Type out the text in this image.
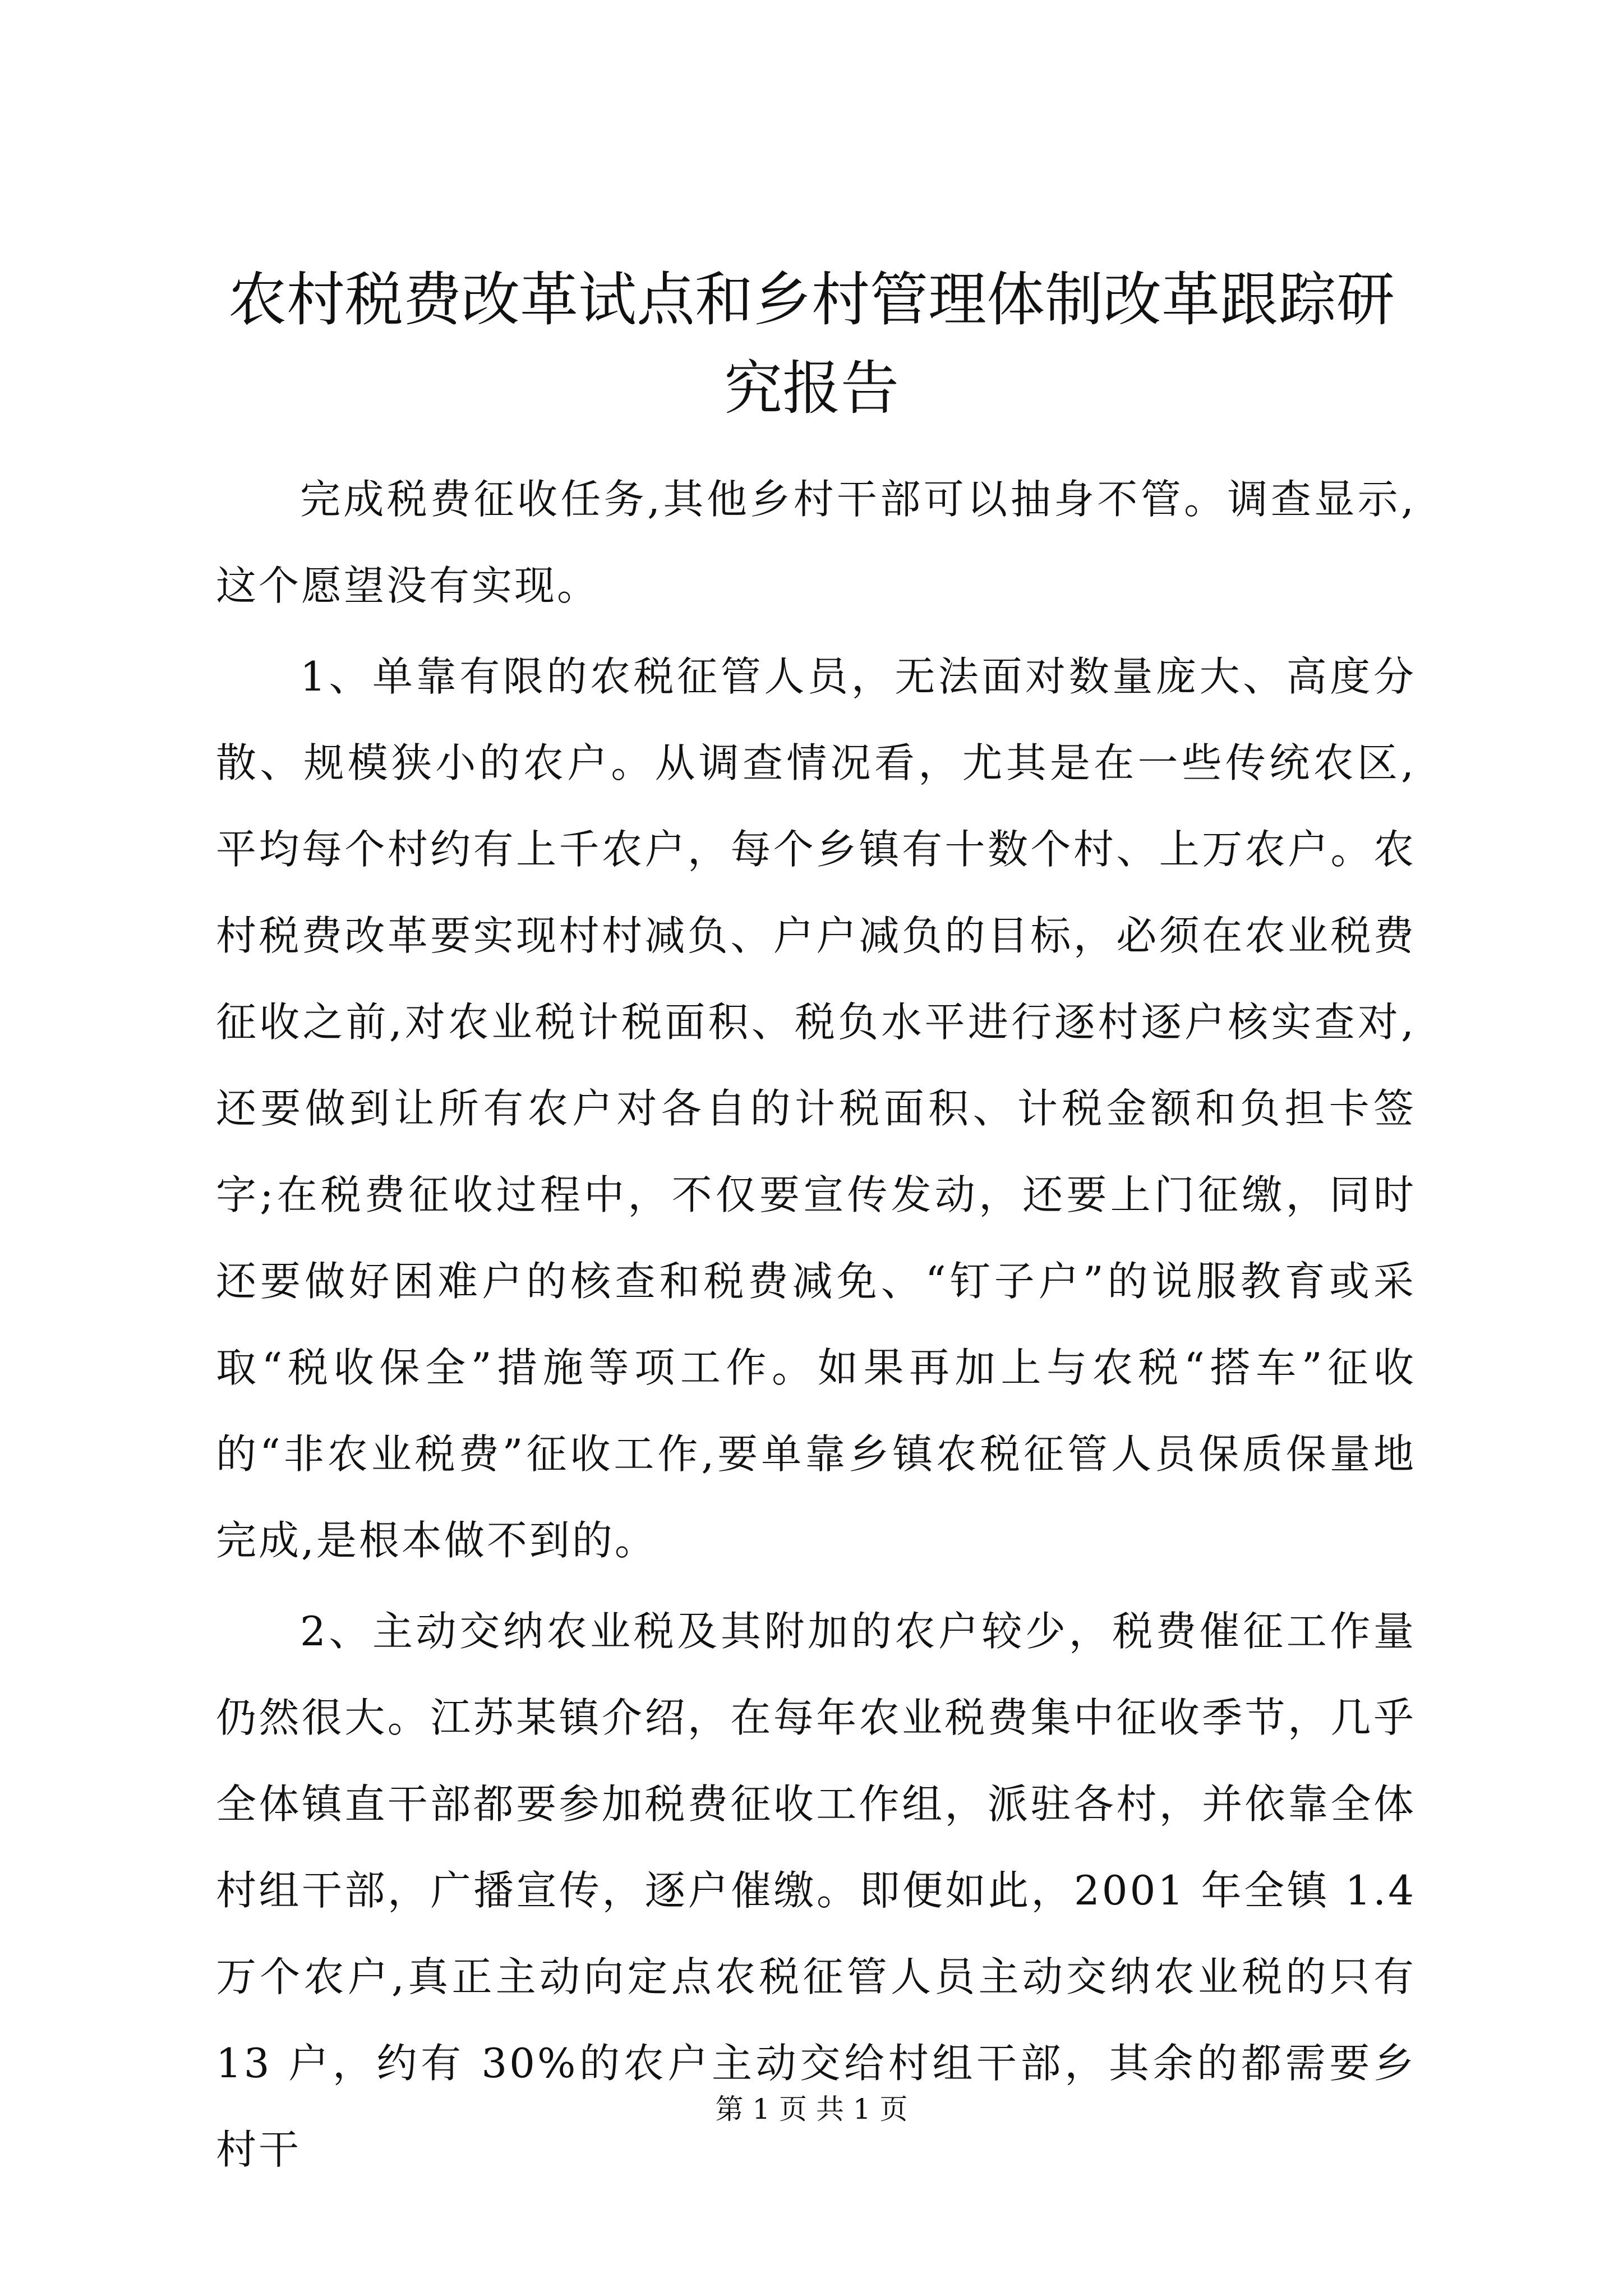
农村税费改革试点和乡村管理体制改革跟踪研究报告

完成税费征收任务,其他乡村干部可以抽身不管。调查显示,这个愿望没有实现。

1、单靠有限的农税征管人员，无法面对数量庞大、高度分散、规模狭小的农户。从调查情况看，尤其是在一些传统农区,平均每个村约有上千农户，每个乡镇有十数个村、上万农户。农村税费改革要实现村村减负、户户减负的目标，必须在农业税费征收之前,对农业税计税面积、税负水平进行逐村逐户核实查对,还要做到让所有农户对各自的计税面积、计税金额和负担卡签字;在税费征收过程中，不仅要宣传发动，还要上门征缴，同时还要做好困难户的核查和税费减免、“钉子户”的说服教育或采取“税收保全”措施等项工作。如果再加上与农税“搭车”征收的“非农业税费”征收工作,要单靠乡镇农税征管人员保质保量地完成,是根本做不到的。

2、主动交纳农业税及其附加的农户较少，税费催征工作量仍然很大。江苏某镇介绍，在每年农业税费集中征收季节，几乎全体镇直干部都要参加税费征收工作组，派驻各村，并依靠全体村组干部，广播宣传，逐户催缴。即便如此，2001 年全镇 1.4万个农户,真正主动向定点农税征管人员主动交纳农业税的只有13 户，约有 30%的农户主动交给村组干部，其余的都需要乡村干

第 1 页 共 1 页
